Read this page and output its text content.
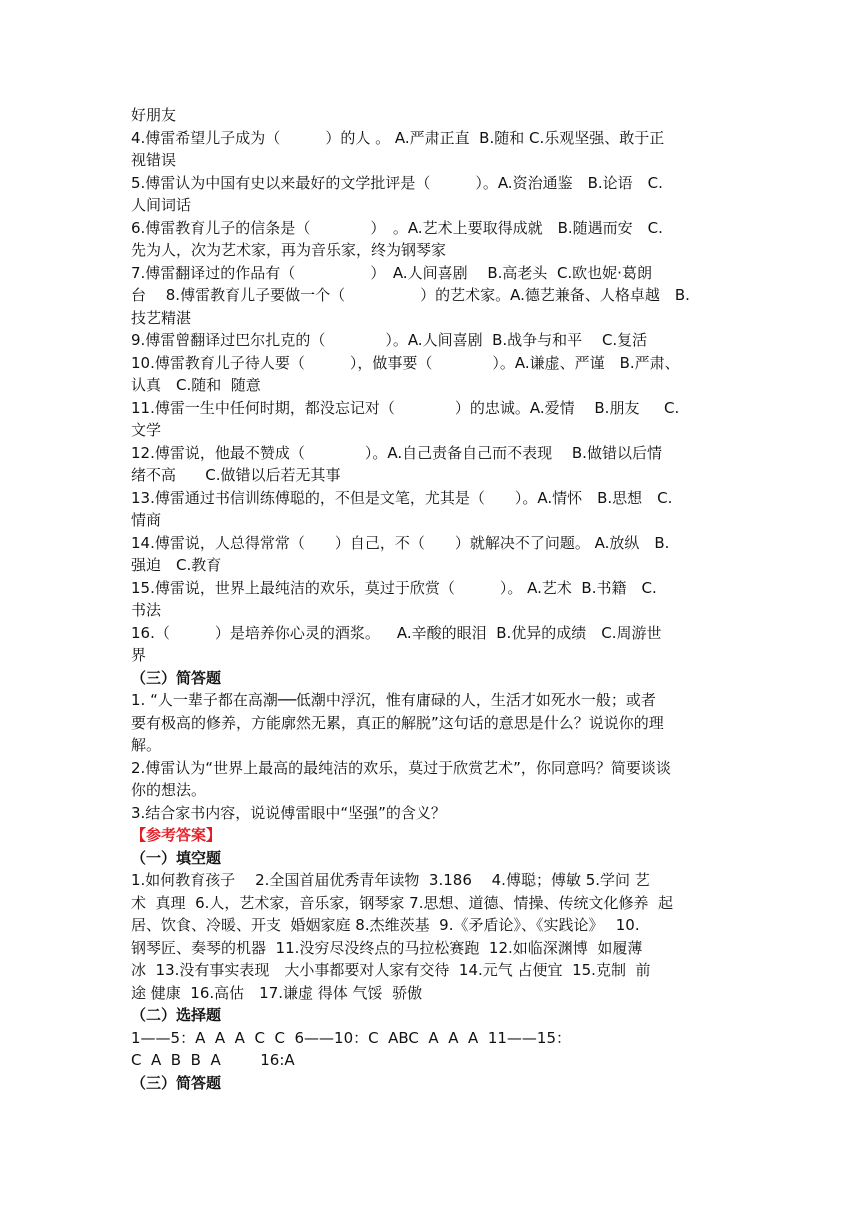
好朋友
4.傅雷希望儿子成为（　　　）的人 。 A.严肃正直  B.随和 C.乐观坚强、敢于正
视错误
5.傅雷认为中国有史以来最好的文学批评是（　　　）。A.资治通鉴　B.论语　C.
人间词话
6.傅雷教育儿子的信条是（　　　　）　。A.艺术上要取得成就　B.随遇而安　C.
先为人，次为艺术家，再为音乐家，终为钢琴家
7.傅雷翻译过的作品有（　　　　　）　A.人间喜剧　 B.高老头  C.欧也妮·葛朗
台　 8.傅雷教育儿子要做一个（　　　　　）的艺术家。A.德艺兼备、人格卓越　B.
技艺精湛
9.傅雷曾翻译过巴尔扎克的（　　　　）。A.人间喜剧  B.战争与和平　 C.复活
10.傅雷教育儿子待人要（　　　），做事要（　　　　）。A.谦虚、严谨　B.严肃、
认真　C.随和  随意
11.傅雷一生中任何时期，都没忘记对（　　　　）的忠诚。A.爱情　 B.朋友　  C.
文学
12.傅雷说，他最不赞成（　　　　）。A.自己责备自己而不表现　 B.做错以后情
绪不高　   C.做错以后若无其事
13.傅雷通过书信训练傅聪的，不但是文笔，尤其是（　　）。A.情怀　B.思想　C.
情商
14.傅雷说，人总得常常（　　）自己，不（　　）就解决不了问题。 A.放纵　B.
强迫　C.教育
15.傅雷说，世界上最纯洁的欢乐，莫过于欣赏（　　　）。 A.艺术  B.书籍　C.
书法
16.（　　　）是培养你心灵的酒浆。　  A.辛酸的眼泪  B.优异的成绩　C.周游世
界
（三）简答题
1. “人一辈子都在高潮──低潮中浮沉，惟有庸碌的人，生活才如死水一般；或者
要有极高的修养，方能廓然无累，真正的解脱”这句话的意思是什么？说说你的理
解。
2.傅雷认为“世界上最高的最纯洁的欢乐，莫过于欣赏艺术”，你同意吗？简要谈谈
你的想法。
3.结合家书内容，说说傅雷眼中“坚强”的含义？
【参考答案】
（一）填空题
1.如何教育孩子　 2.全国首届优秀青年读物  3.186　 4.傅聪；傅敏 5.学问 艺
术  真理  6.人，艺术家，音乐家，钢琴家 7.思想、道德、情操、传统文化修养  起
居、饮食、冷暖、开支  婚姻家庭 8.杰维茨基  9.《矛盾论》、《实践论》　 10.
钢琴匠、奏琴的机器  11.没穷尽没终点的马拉松赛跑  12.如临深渊博  如履薄
冰  13.没有事实表现　大小事都要对人家有交待  14.元气 占便宜  15.克制  前
途 健康  16.高估　17.谦虚 得体 气馁  骄傲
（二）选择题
1——5：A  A  A  C  C  6——10：C  ABC  A  A  A  11——15：
C  A  B  B  A　　  16:A
（三）简答题
